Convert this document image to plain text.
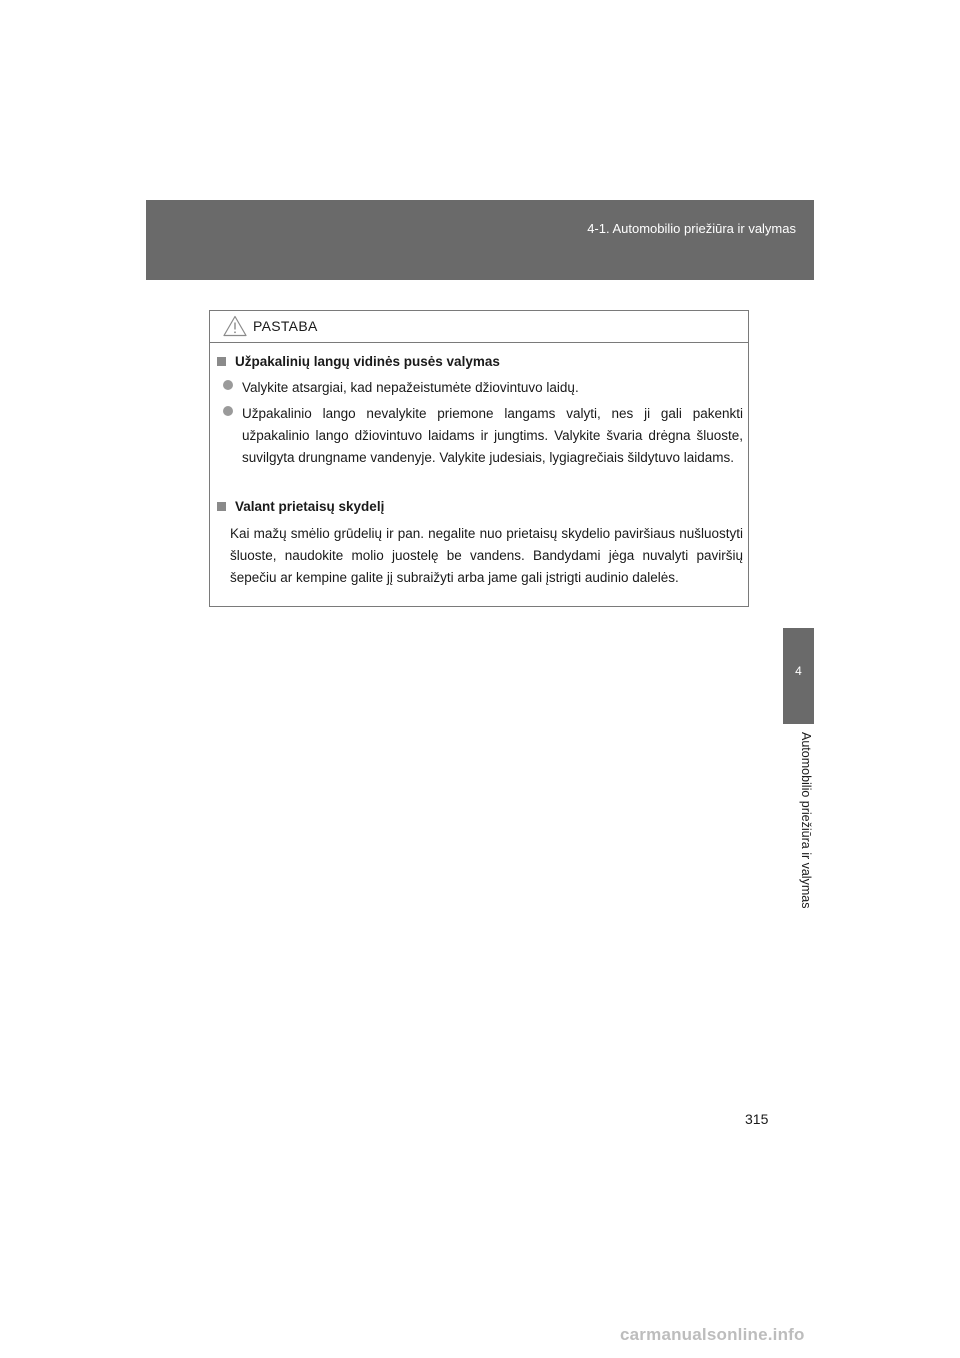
4-1. Automobilio priežiūra ir valymas
4
Automobilio priežiūra ir valymas
PASTABA
Užpakalinių langų vidinės pusės valymas
Valykite atsargiai, kad nepažeistumėte džiovintuvo laidų.
Užpakalinio lango nevalykite priemone langams valyti, nes ji gali pakenkti užpakalinio lango džiovintuvo laidams ir jungtims. Valykite švaria drėgna šluoste, suvilgyta drungname vandenyje. Valykite judesiais, lygiagrečiais šildytuvo laidams.
Valant prietaisų skydelį
Kai mažų smėlio grūdelių ir pan. negalite nuo prietaisų skydelio paviršiaus nušluostyti šluoste, naudokite molio juostelę be vandens. Bandydami jėga nuvalyti paviršių šepečiu ar kempine galite jį subraižyti arba jame gali įstrigti audinio dalelės.
315
carmanualsonline.info
